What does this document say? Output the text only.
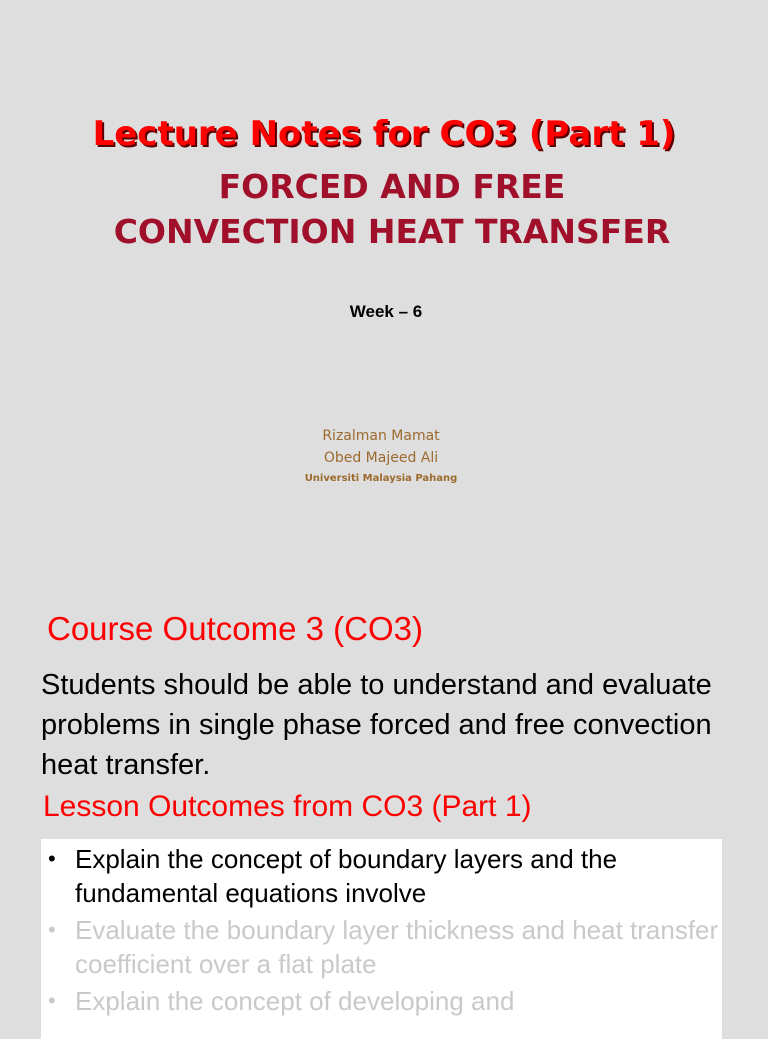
Lecture Notes for CO3 (Part 1)
FORCED AND FREE
CONVECTION HEAT TRANSFER
Week – 6
Rizalman Mamat
Obed Majeed Ali
Universiti Malaysia Pahang
Course Outcome 3 (CO3)
Students should be able to understand and evaluate problems in single phase forced and free convection heat transfer.
Lesson Outcomes from CO3 (Part 1)
• Explain the concept of boundary layers and the fundamental equations involve
• Evaluate the boundary layer thickness and heat transfer coefficient over a flat plate
• Explain the concept of developing and
